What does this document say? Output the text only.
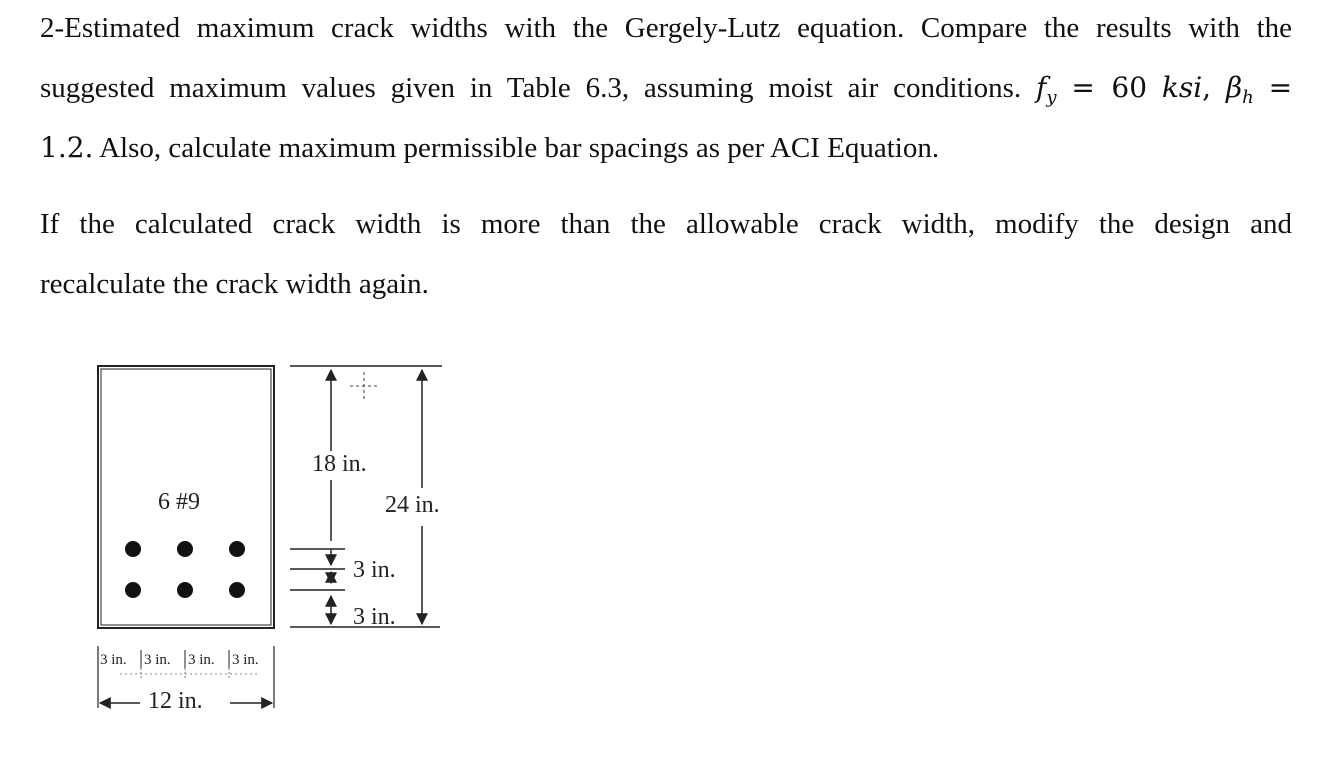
2-Estimated maximum crack widths with the Gergely-Lutz equation. Compare the results with the
suggested maximum values given in Table 6.3, assuming moist air conditions. $f_y = 60$ ksi, $\beta_h$ =
1.2. Also, calculate maximum permissible bar spacings as per ACI Equation.
If the calculated crack width is more than the allowable crack width, modify the design and
recalculate the crack width again.
6 #9
18 in.
24 in.
3 in.
3 in.
3 in. 3 in. 3 in. 3 in.
12 in.
